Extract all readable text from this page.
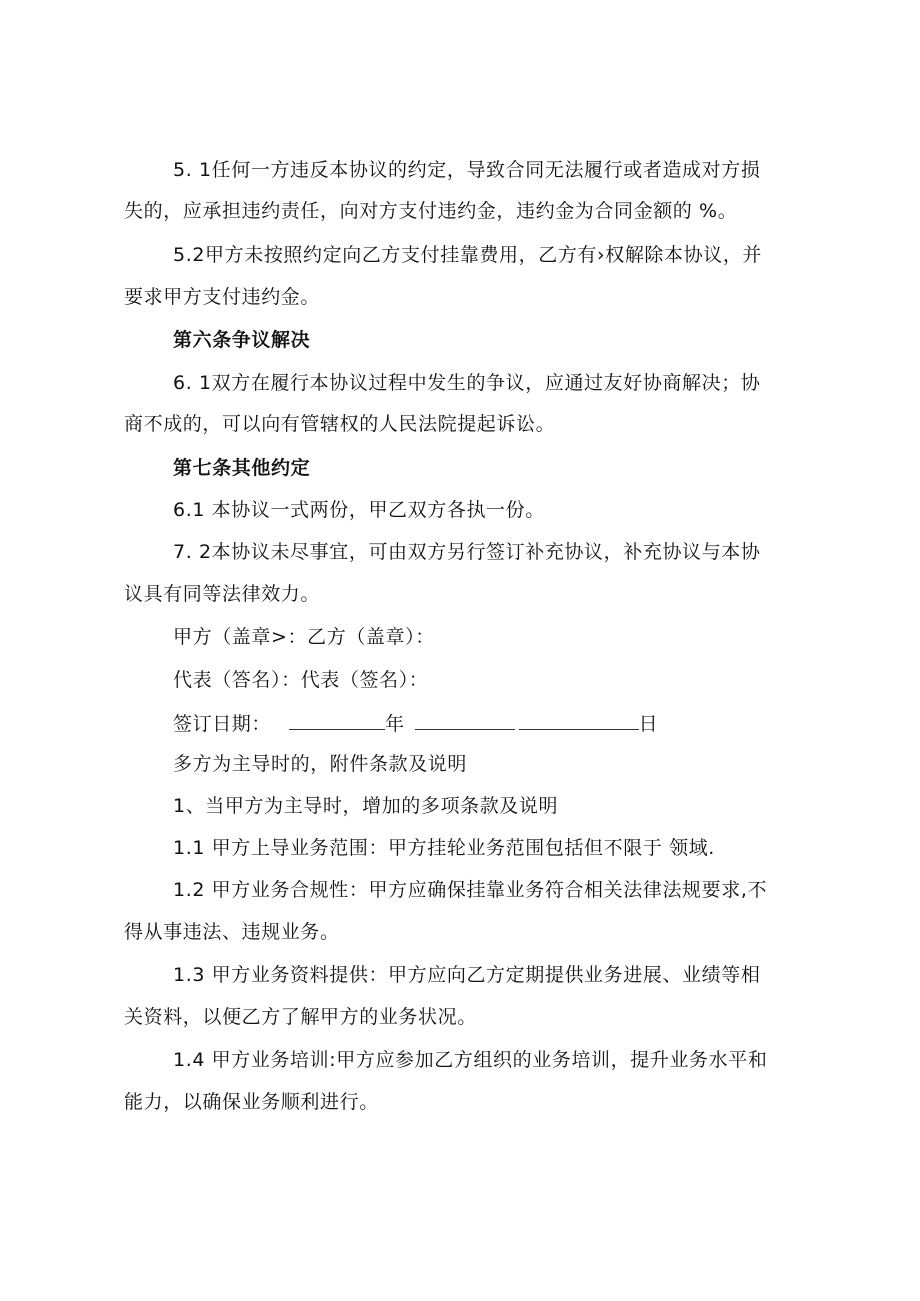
5. 1任何一方违反本协议的约定，导致合同无法履行或者造成对方损

失的，应承担违约责任，向对方支付违约金，违约金为合同金额的 %。

5.2甲方未按照约定向乙方支付挂靠费用，乙方有›权解除本协议，并

要求甲方支付违约金。

第六条争议解决

6. 1双方在履行本协议过程中发生的争议，应通过友好协商解决；协

商不成的，可以向有管辖权的人民法院提起诉讼。

第七条其他约定

6.1 本协议一式两份，甲乙双方各执一份。

7. 2本协议未尽事宜，可由双方另行签订补充协议，补充协议与本协

议具有同等法律效力。

甲方（盖章>：乙方（盖章）：

代表（答名）：代表（签名）：

签订日期：	年	日

多方为主导时的，附件条款及说明

1、当甲方为主导时，增加的多项条款及说明

1.1 甲方上导业务范围：甲方挂轮业务范围包括但不限于 领域.

1.2 甲方业务合规性：甲方应确保挂靠业务符合相关法律法规要求,不

得从事违法、违规业务。

1.3 甲方业务资料提供：甲方应向乙方定期提供业务进展、业绩等相

关资料，以便乙方了解甲方的业务状况。

1.4 甲方业务培训:甲方应参加乙方组织的业务培训，提升业务水平和

能力，以确保业务顺利进行。
